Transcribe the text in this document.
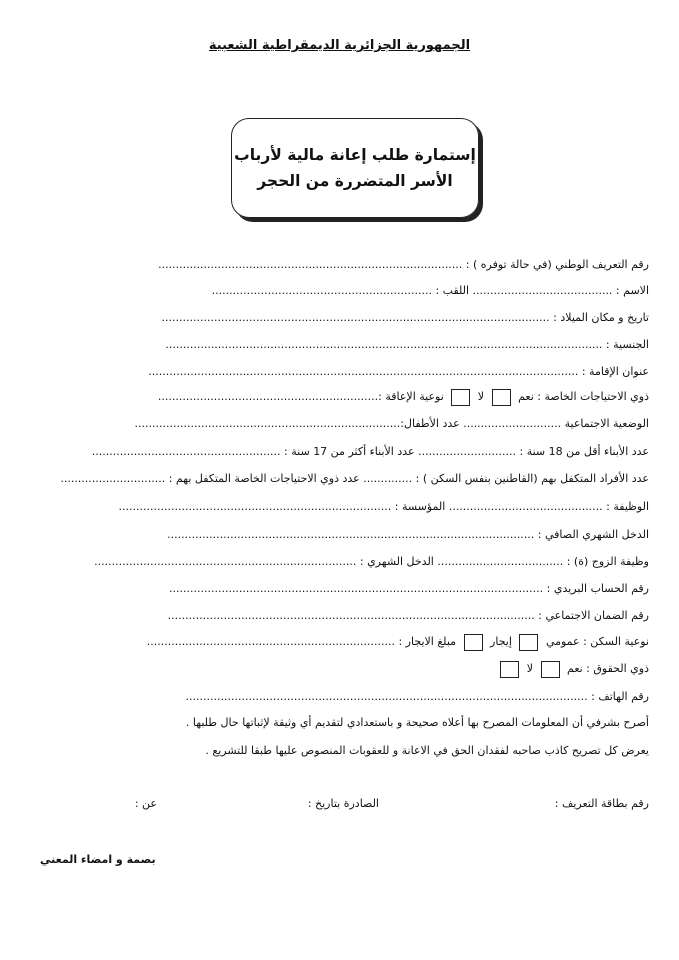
الجمهورية الجزائرية الديمقراطية الشعبية
إستمارة طلب إعانة مالية لأرباب
الأسر المتضررة من الحجر
رقم التعريف الوطني (في حالة توفره ) : .......................................................................................
الاسم : ........................................ اللقب : ...............................................................
تاريخ و مكان الميلاد : ...............................................................................................................
الجنسية : .............................................................................................................................
عنوان الإقامة : ...........................................................................................................................
ذوي الاحتياجات الخاصة : نعم  لا  نوعية الإعاقة :...............................................................
الوضعية الاجتماعية ............................ عدد الأطفال:............................................................................
عدد الأبناء أقل من 18 سنة : ............................ عدد الأبناء أكثر من 17 سنة : ......................................................
عدد الأفراد المتكفل بهم (القاطنين بنفس السكن ) : .............. عدد ذوي الاحتياجات الخاصة المتكفل بهم : ..............................
الوظيفة : ............................................ المؤسسة : ..............................................................................
الدخل الشهري الصافي : .........................................................................................................
وظيفة الزوج (ة) : .................................... الدخل الشهري : ...........................................................................
رقم الحساب البريدي : ...........................................................................................................
رقم الضمان الاجتماعي : .........................................................................................................
نوعية السكن : عمومي  إيجار  مبلغ الايجار : .......................................................................
ذوي الحقوق : نعم  لا
رقم الهاتف : ...................................................................................................................
أصرح بشرفي أن المعلومات المصرح بها أعلاه صحيحة و باستعدادي لتقديم أي وثيقة لإثباتها حال طلبها .
يعرض كل تصريح كاذب صاحبه لفقدان الحق في الاعانة و للعقوبات المنصوص عليها طبقا للتشريع .
رقم بطاقة التعريف :
الصادرة بتاريخ :
عن :
بصمة و امضاء المعني
